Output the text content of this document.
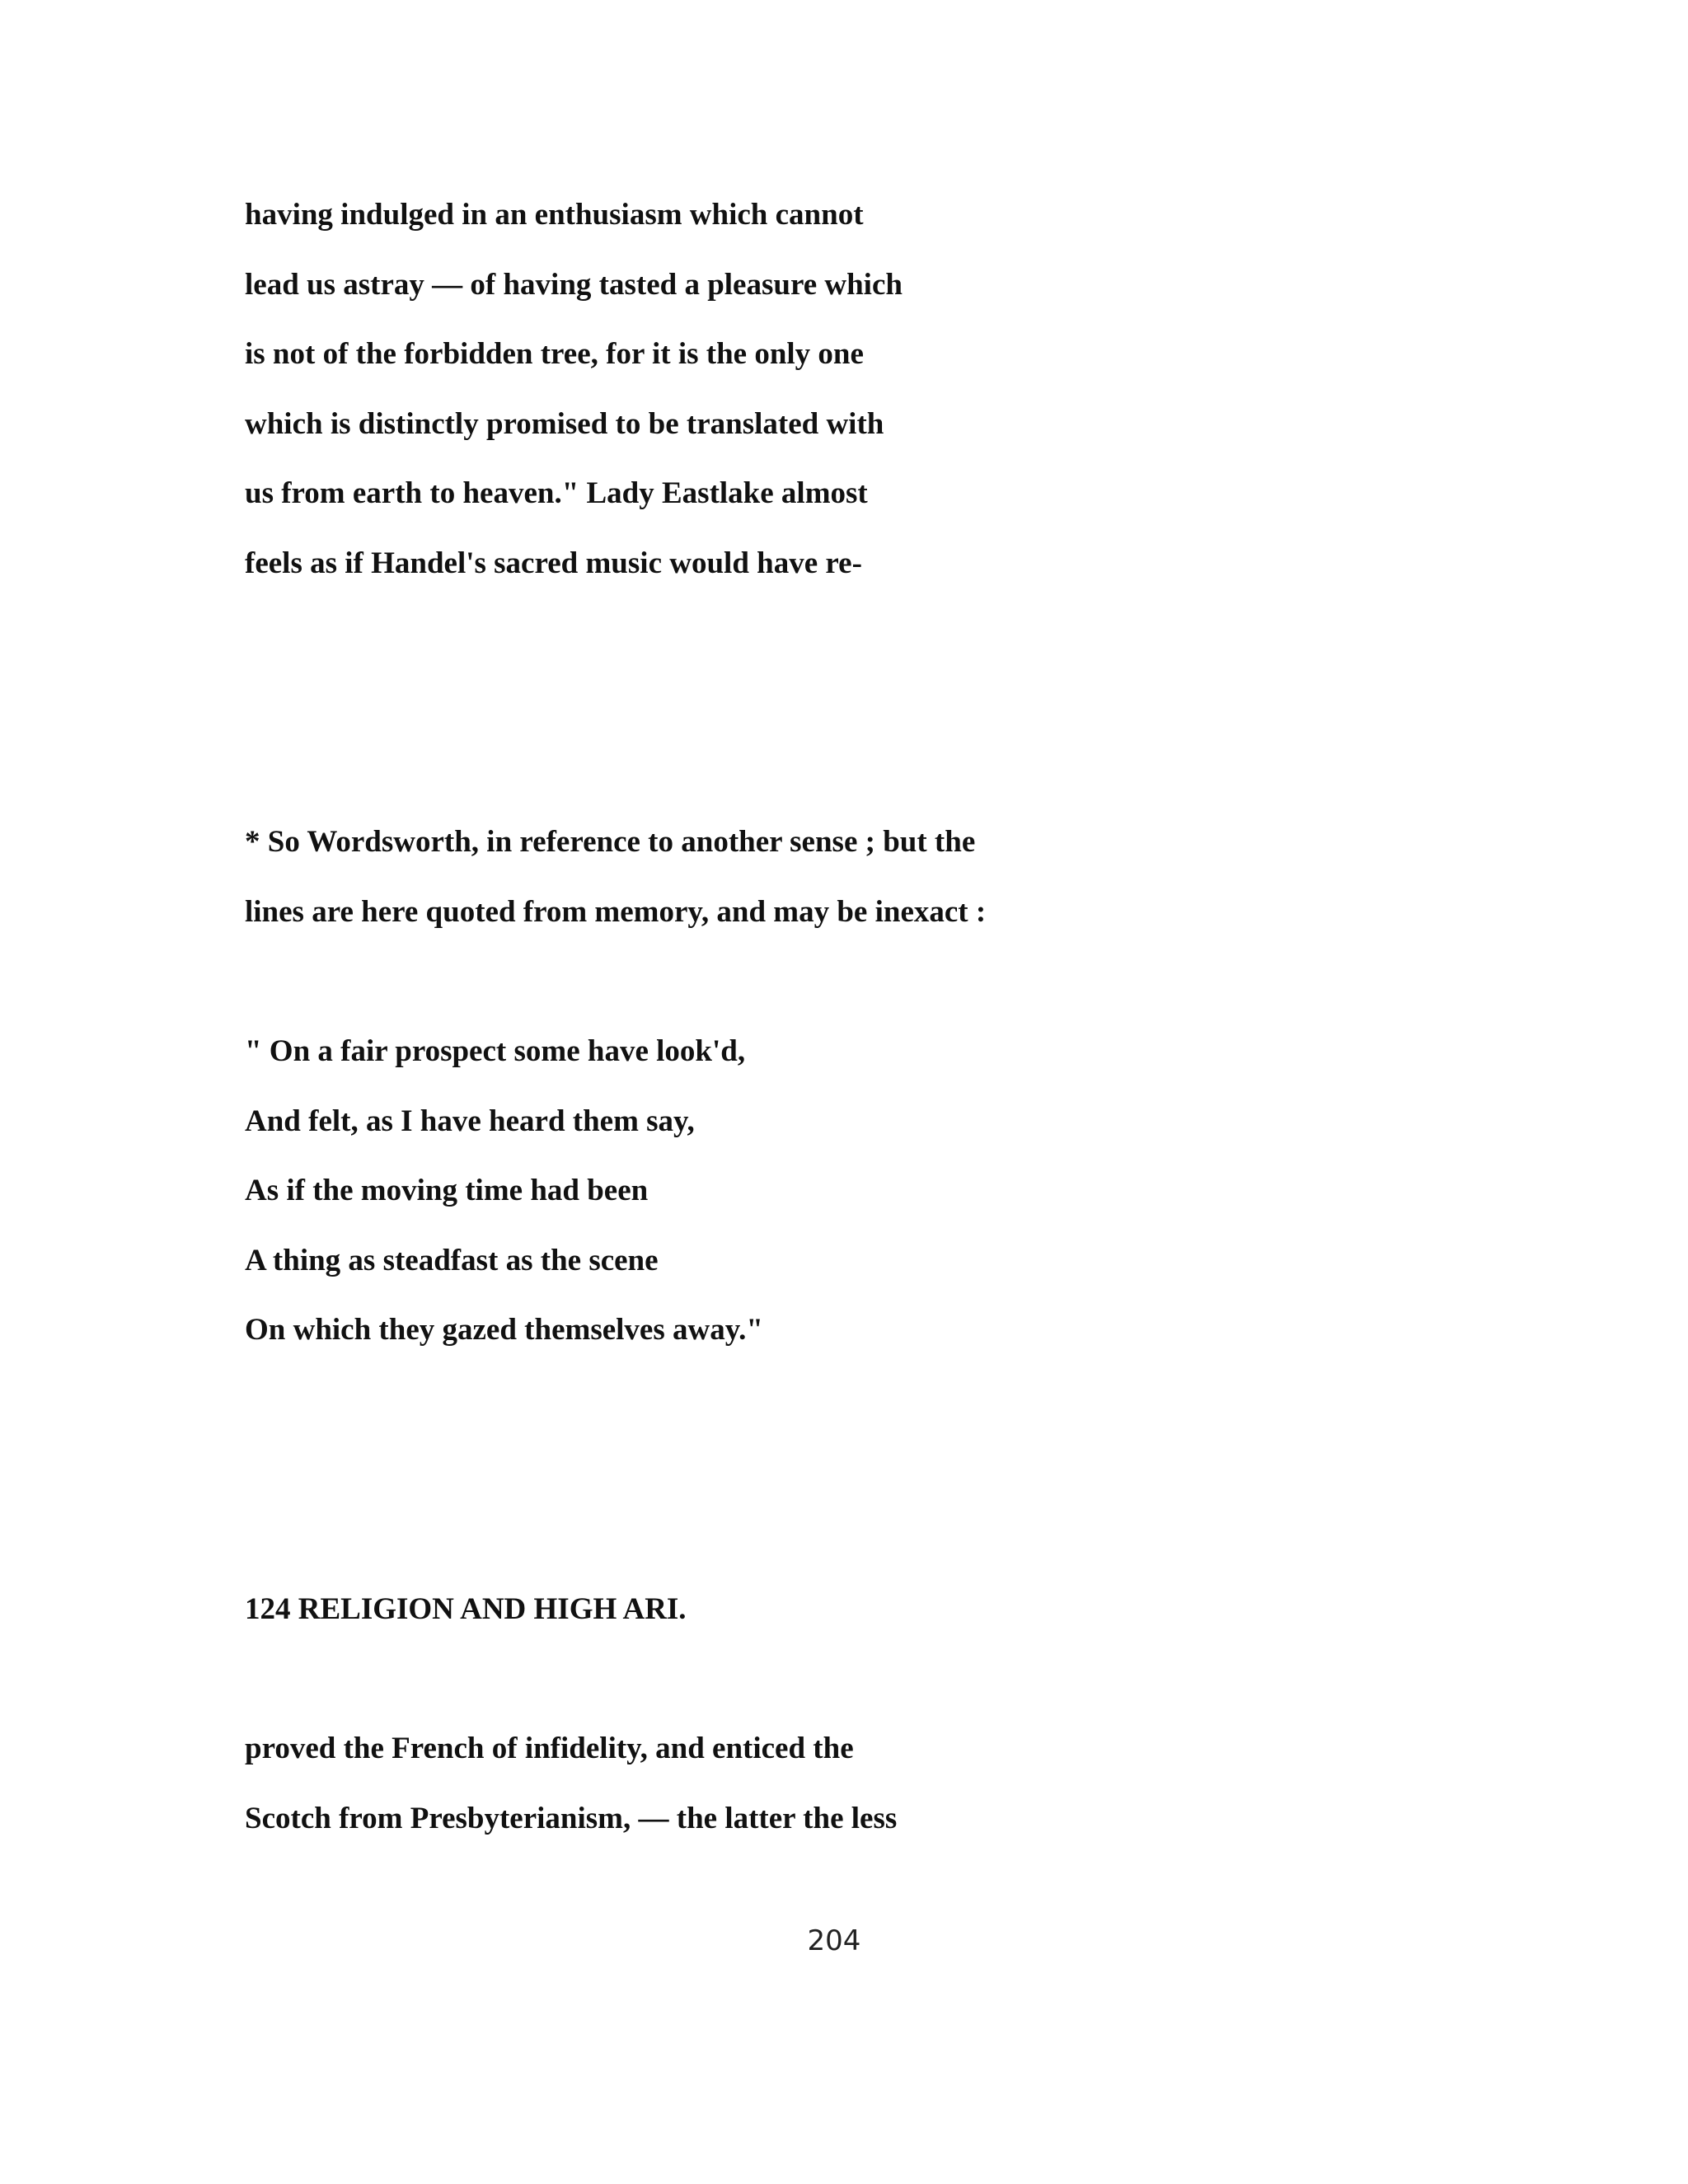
having indulged in an enthusiasm which cannot
lead us astray — of having tasted a pleasure which
is not of the forbidden tree, for it is the only one
which is distinctly promised to be translated with
us from earth to heaven." Lady Eastlake almost
feels as if Handel's sacred music would have re-
* So Wordsworth, in reference to another sense ; but the
lines are here quoted from memory, and may be inexact :
" On a fair prospect some have look'd,
And felt, as I have heard them say,
As if the moving time had been
A thing as steadfast as the scene
On which they gazed themselves away."
124 RELIGION AND HIGH ARI.
proved the French of infidelity, and enticed the
Scotch from Presbyterianism, — the latter the less
204
